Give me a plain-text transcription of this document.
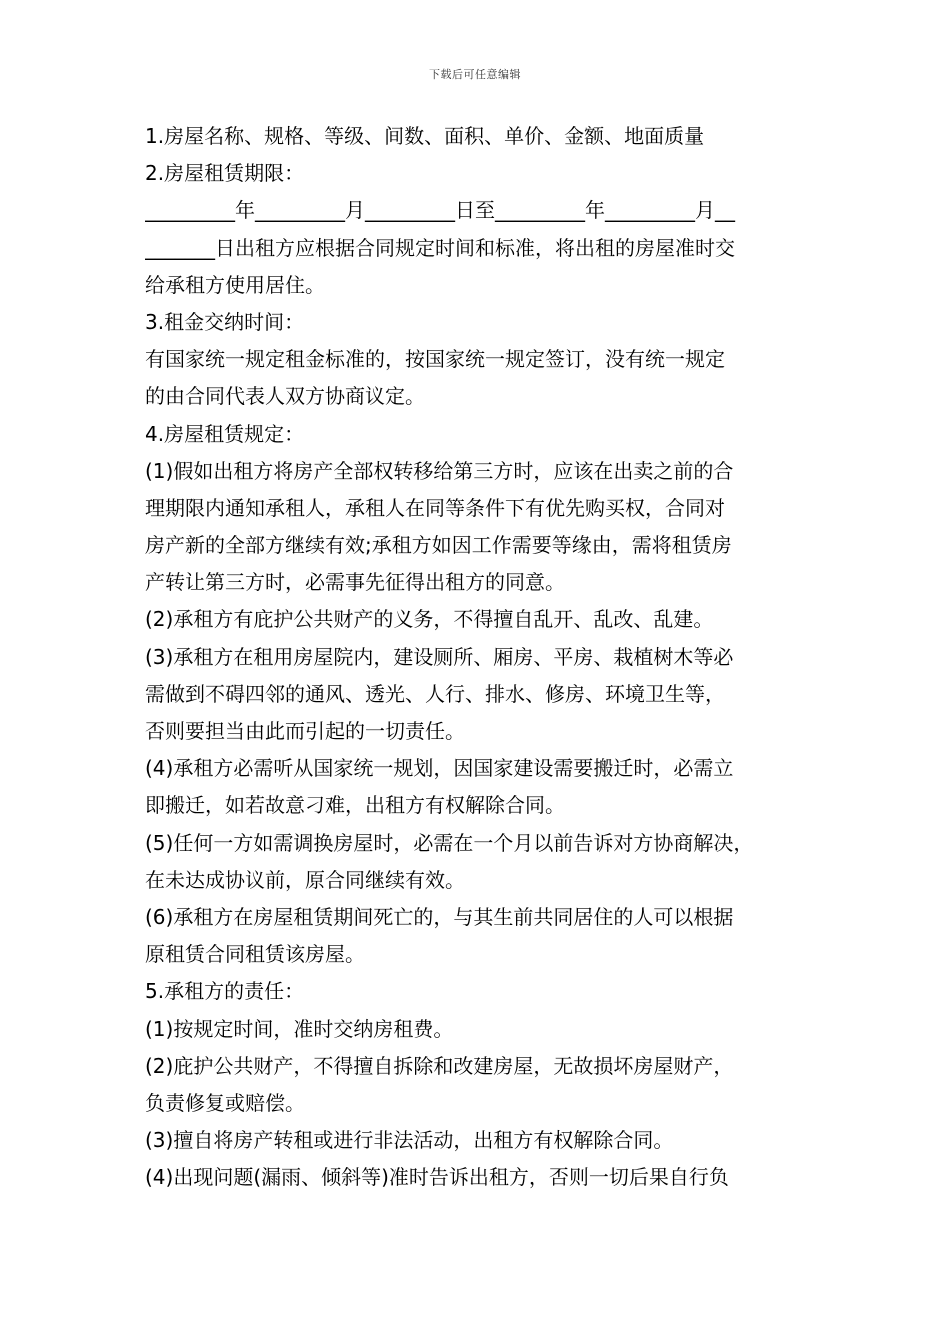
下载后可任意编辑
1.房屋名称、规格、等级、间数、面积、单价、金额、地面质量
2.房屋租赁期限：
_________年_________月_________日至_________年_________月__
_______日出租方应根据合同规定时间和标准，将出租的房屋准时交
给承租方使用居住。
3.租金交纳时间：
有国家统一规定租金标准的，按国家统一规定签订，没有统一规定
的由合同代表人双方协商议定。
4.房屋租赁规定：
(1)假如出租方将房产全部权转移给第三方时，应该在出卖之前的合
理期限内通知承租人，承租人在同等条件下有优先购买权，合同对
房产新的全部方继续有效;承租方如因工作需要等缘由，需将租赁房
产转让第三方时，必需事先征得出租方的同意。
(2)承租方有庇护公共财产的义务，不得擅自乱开、乱改、乱建。
(3)承租方在租用房屋院内，建设厕所、厢房、平房、栽植树木等必
需做到不碍四邻的通风、透光、人行、排水、修房、环境卫生等，
否则要担当由此而引起的一切责任。
(4)承租方必需听从国家统一规划，因国家建设需要搬迁时，必需立
即搬迁，如若故意刁难，出租方有权解除合同。
(5)任何一方如需调换房屋时，必需在一个月以前告诉对方协商解决，
在未达成协议前，原合同继续有效。
(6)承租方在房屋租赁期间死亡的，与其生前共同居住的人可以根据
原租赁合同租赁该房屋。
5.承租方的责任：
(1)按规定时间，准时交纳房租费。
(2)庇护公共财产，不得擅自拆除和改建房屋，无故损坏房屋财产，
负责修复或赔偿。
(3)擅自将房产转租或进行非法活动，出租方有权解除合同。
(4)出现问题(漏雨、倾斜等)准时告诉出租方，否则一切后果自行负
